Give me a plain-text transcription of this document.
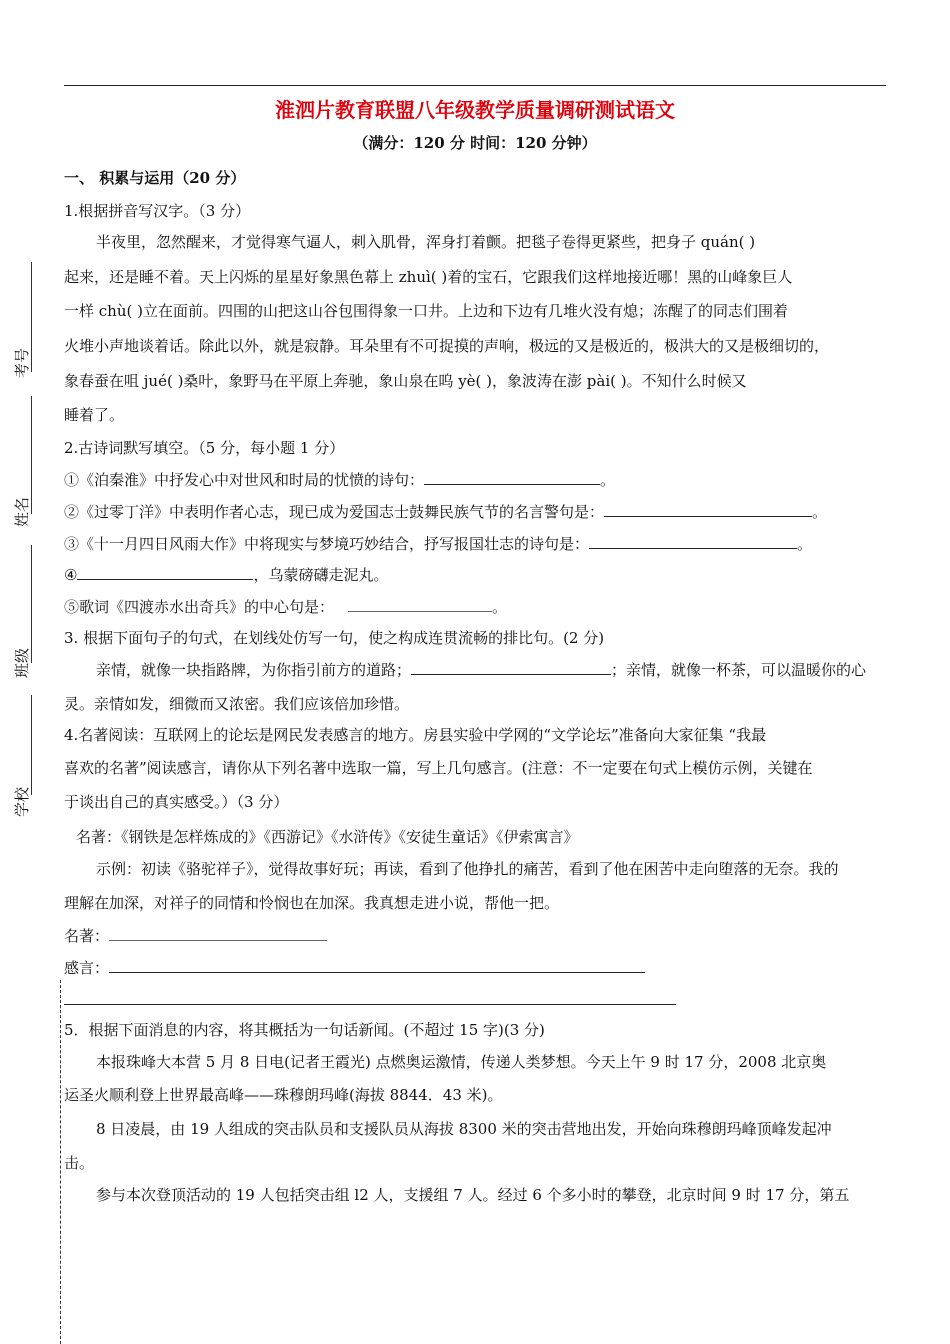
考号
姓名
班级
学校
淮泗片教育联盟八年级教学质量调研测试语文
（满分：120 分 时间：120 分钟）
一、 积累与运用（20 分）
1.根据拼音写汉字。（3 分）
半夜里，忽然醒来，才觉得寒气逼人，刺入肌骨，浑身打着颤。把毯子卷得更紧些，把身子 quán( )
起来，还是睡不着。天上闪烁的星星好象黑色幕上 zhuì( )着的宝石，它跟我们这样地接近哪！黑的山峰象巨人
一样 chù( )立在面前。四围的山把这山谷包围得象一口井。上边和下边有几堆火没有熄；冻醒了的同志们围着
火堆小声地谈着话。除此以外，就是寂静。耳朵里有不可捉摸的声响，极远的又是极近的，极洪大的又是极细切的，
象春蚕在咀 jué( )桑叶，象野马在平原上奔驰，象山泉在呜 yè( )，象波涛在澎 pài( )。不知什么时候又
睡着了。
2.古诗词默写填空。（5 分，每小题 1 分）
①《泊秦淮》中抒发心中对世风和时局的忧愤的诗句：	。
②《过零丁洋》中表明作者心志，现已成为爱国志士鼓舞民族气节的名言警句是：	。
③《十一月四日风雨大作》中将现实与梦境巧妙结合，抒写报国壮志的诗句是：	。
④	，乌蒙磅礴走泥丸。
⑤歌词《四渡赤水出奇兵》的中心句是：	。
3. 根据下面句子的句式，在划线处仿写一句，使之构成连贯流畅的排比句。(2 分)
亲情，就像一块指路牌，为你指引前方的道路；	；亲情，就像一杯茶，可以温暖你的心
灵。亲情如发，细微而又浓密。我们应该倍加珍惜。
4.名著阅读：互联网上的论坛是网民发表感言的地方。房县实验中学网的“文学论坛”准备向大家征集 “我最
喜欢的名著”阅读感言，请你从下列名著中选取一篇，写上几句感言。(注意：不一定要在句式上模仿示例，关键在
于谈出自己的真实感受。）（3 分）
名著：《钢铁是怎样炼成的》《西游记》《水浒传》《安徒生童话》《伊索寓言》
示例：初读《骆驼祥子》，觉得故事好玩；再读，看到了他挣扎的痛苦，看到了他在困苦中走向堕落的无奈。我的
理解在加深，对祥子的同情和怜悯也在加深。我真想走进小说，帮他一把。
名著：
感言：
5．根据下面消息的内容，将其概括为一句话新闻。(不超过 15 字)(3 分)
本报珠峰大本营 5 月 8 日电(记者王霞光) 点燃奥运激情，传递人类梦想。今天上午 9 时 17 分，2008 北京奥
运圣火顺利登上世界最高峰——珠穆朗玛峰(海拔 8844．43 米)。
8 日凌晨，由 19 人组成的突击队员和支援队员从海拔 8300 米的突击营地出发，开始向珠穆朗玛峰顶峰发起冲
击。
参与本次登顶活动的 19 人包括突击组 l2 人，支援组 7 人。经过 6 个多小时的攀登，北京时间 9 时 17 分，第五
